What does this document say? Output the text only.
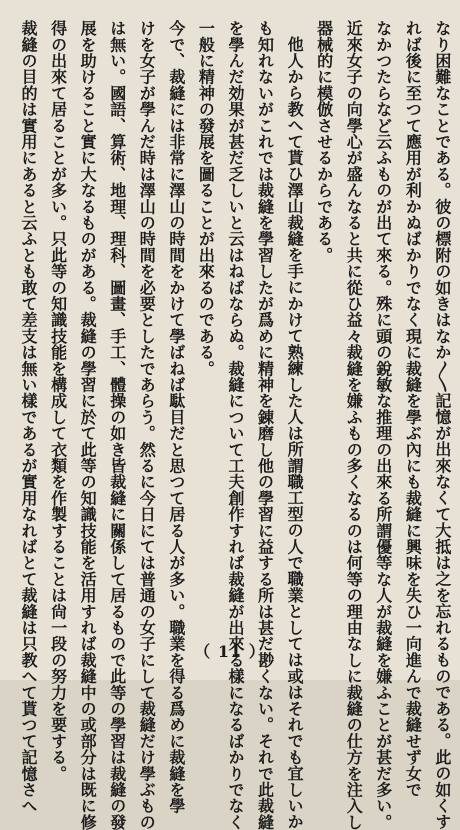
なり困難なことである。彼の標附の如きはなか〳〵記憶が出來なくて大抵は之を忘れるものである。此の如くす
れば後に至つて應用が利かぬばかりでなく現に裁縫を學ぶ內にも裁縫に興味を失ひ一向進んで裁縫せず女で
なかつたらなど云ふものが出て來る。殊に頭の銳敏な推理の出來る所謂優等な人が裁縫を嫌ふことが甚だ多い。
近來女子の向學心が盛んなると共に從ひ益々裁縫を嫌ふもの多くなるのは何等の理由なしに裁縫の仕方を注入し
器械的に模倣させるからである。
他人から教へて貰ひ澤山裁縫を手にかけて熟練した人は所謂職工型の人で職業としては或はそれでも宜しいか
も知れないがこれでは裁縫を學習したが爲めに精神を錬磨し他の學習に益する所は甚だ尠くない。それで此裁縫
を學んだ効果が甚だ乏しいと云はねばならぬ。裁縫について工夫創作すれば裁縫が出來る樣になるばかりでなく
一般に精神の發展を圖ることが出來るのである。
今で、裁縫には非常に澤山の時間をかけて學ばねば駄目だと思つて居る人が多い。職業を得る爲めに裁縫を學
けを女子が學んだ時は澤山の時間を必要としたであらう。然るに今日にては普通の女子にして裁縫だけ學ぶもの
は無い。國語、算術、地理、理科、圖畫、手工、體操の如き皆裁縫に關係して居るもので此等の學習は裁縫の發
展を助けること實に大なるものがある。裁縫の學習に於て此等の知識技能を活用すれば裁縫中の或部分は既に修
得の出來て居ることが多い。只此等の知識技能を構成して衣類を作製することは尙一段の努力を要する。
裁縫の目的は實用にあると云ふとも敢て差支は無い樣であるが實用なればとて裁縫は只教へて貰つて記憶さへ	（ 11 ）
